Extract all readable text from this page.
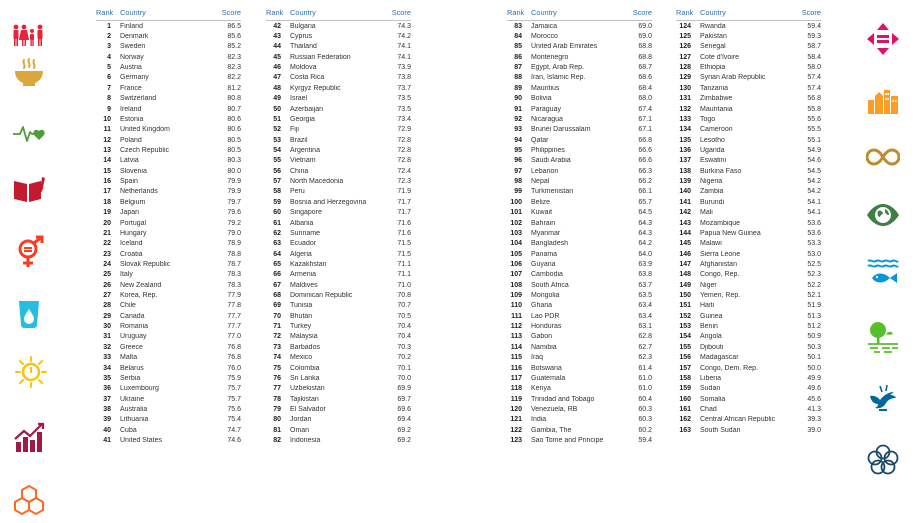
Rank Country	Score
1	Finland	86.5
2	Denmark	85.6
3	Sweden	85.2
4	Norway	82.3
5	Austria	82.3
6	Germany	82.2
7	France	81.2
8	Switzerland	80.8
9	Ireland	80.7
10	Estonia	80.6
11	United Kingdom	80.6
12	Poland	80.5
13	Czech Republic	80.5
14	Latvia	80.3
15	Slovenia	80.0
16	Spain	79.9
17	Netherlands	79.9
18	Belgium	79.7
19	Japan	79.6
20	Portugal	79.2
21	Hungary	79.0
22	Iceland	78.9
23	Croatia	78.8
24	Slovak Republic	78.7
25	Italy	78.3
26	New Zealand	78.3
27	Korea, Rep.	77.9
28	Chile	77.8
29	Canada	77.7
30	Romania	77.7
31	Uruguay	77.0
32	Greece	76.8
33	Malta	76.8
34	Belarus	76.0
35	Serbia	75.9
36	Luxembourg	75.7
37	Ukraine	75.7
38	Australia	75.6
39	Lithuania	75.4
40	Cuba	74.7
41	United States	74.6
Rank Country	Score
42	Bulgaria	74.3
43	Cyprus	74.2
44	Thailand	74.1
45	Russian Federation	74.1
46	Moldova	73.9
47	Costa Rica	73.8
48	Kyrgyz Republic	73.7
49	Israel	73.5
50	Azerbaijan	73.5
51	Georgia	73.4
52	Fiji	72.9
53	Brazil	72.8
54	Argentina	72.8
55	Vietnam	72.8
56	China	72.4
57	North Macedonia	72.3
58	Peru	71.9
59	Bosnia and Herzegovina	71.7
60	Singapore	71.7
61	Albania	71.6
62	Suriname	71.6
63	Ecuador	71.5
64	Algeria	71.5
65	Kazakhstan	71.1
66	Armenia	71.1
67	Maldives	71.0
68	Dominican Republic	70.8
69	Tunisia	70.7
70	Bhutan	70.5
71	Turkey	70.4
72	Malaysia	70.4
73	Barbados	70.3
74	Mexico	70.2
75	Colombia	70.1
76	Sri Lanka	70.0
77	Uzbekistan	69.9
78	Tajikistan	69.7
79	El Salvador	69.6
80	Jordan	69.4
81	Oman	69.2
82	Indonesia	69.2
Rank Country	Score
83	Jamaica	69.0
84	Morocco	69.0
85	United Arab Emirates	68.8
86	Montenegro	68.8
87	Egypt, Arab Rep.	68.7
88	Iran, Islamic Rep.	68.6
89	Mauritius	68.4
90	Bolivia	68.0
91	Paraguay	67.4
92	Nicaragua	67.1
93	Brunei Darussalam	67.1
94	Qatar	66.8
95	Philippines	66.6
96	Saudi Arabia	66.6
97	Lebanon	66.3
98	Nepal	66.2
99	Turkmenistan	66.1
100	Belize	65.7
101	Kuwait	64.5
102	Bahrain	64.3
103	Myanmar	64.3
104	Bangladesh	64.2
105	Panama	64.0
106	Guyana	63.9
107	Cambodia	63.8
108	South Africa	63.7
109	Mongolia	63.5
110	Ghana	63.4
111	Lao PDR	63.4
112	Honduras	63.1
113	Gabon	62.8
114	Namibia	62.7
115	Iraq	62.3
116	Botswana	61.4
117	Guatemala	61.0
118	Kenya	61.0
119	Trinidad and Tobago	60.4
120	Venezuela, RB	60.3
121	India	60.3
122	Gambia, The	60.2
123	Sao Tome and Principe	59.4
Rank Country	Score
124	Rwanda	59.4
125	Pakistan	59.3
126	Senegal	58.7
127	Cote d'Ivoire	58.4
128	Ethiopia	58.0
129	Syrian Arab Republic	57.4
130	Tanzania	57.4
131	Zimbabwe	56.8
132	Mauritania	55.8
133	Togo	55.6
134	Cameroon	55.5
135	Lesotho	55.1
136	Uganda	54.9
137	Eswatini	54.6
138	Burkina Faso	54.5
139	Nigeria	54.2
140	Zambia	54.2
141	Burundi	54.1
142	Mali	54.1
143	Mozambique	53.6
144	Papua New Guinea	53.6
145	Malawi	53.3
146	Sierra Leone	53.0
147	Afghanistan	52.5
148	Congo, Rep.	52.3
149	Niger	52.2
150	Yemen, Rep.	52.1
151	Haiti	51.9
152	Guinea	51.3
153	Benin	51.2
154	Angola	50.9
155	Djibouti	50.3
156	Madagascar	50.1
157	Congo, Dem. Rep.	50.0
158	Liberia	49.9
159	Sudan	49.6
160	Somalia	45.6
161	Chad	41.3
162	Central African Republic	39.3
163	South Sudan	39.0
